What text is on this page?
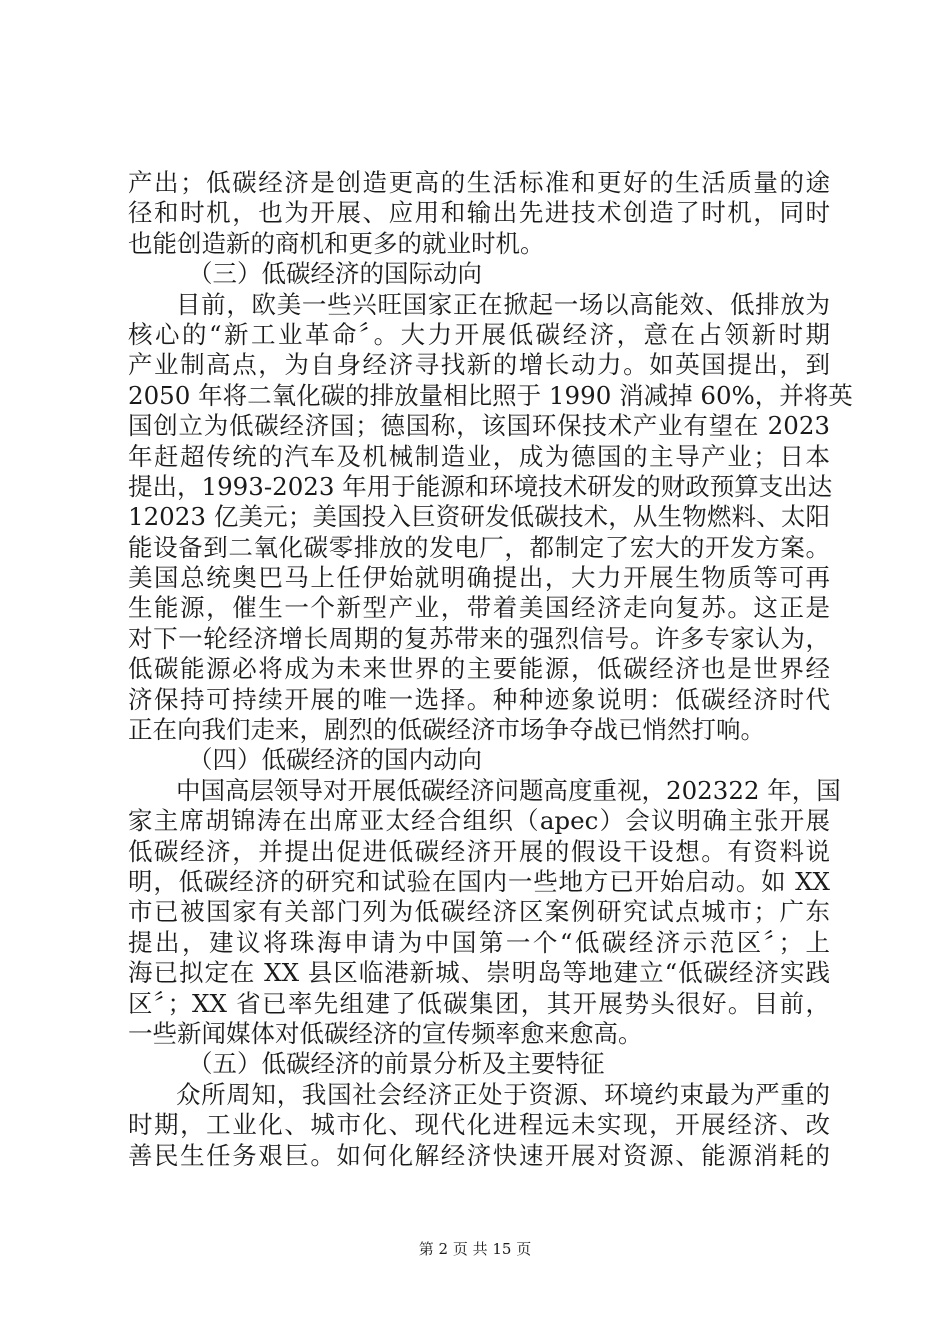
产出；低碳经济是创造更高的生活标准和更好的生活质量的途
径和时机，也为开展、应用和输出先进技术创造了时机，同时
也能创造新的商机和更多的就业时机。
（三）低碳经济的国际动向
目前，欧美一些兴旺国家正在掀起一场以高能效、低排放为
核心的“新工业革命〞。大力开展低碳经济，意在占领新时期
产业制高点，为自身经济寻找新的增长动力。如英国提出，到
2050 年将二氧化碳的排放量相比照于 1990 消减掉 60%，并将英
国创立为低碳经济国；德国称，该国环保技术产业有望在 2023
年赶超传统的汽车及机械制造业，成为德国的主导产业；日本
提出，1993-2023 年用于能源和环境技术研发的财政预算支出达
12023 亿美元；美国投入巨资研发低碳技术，从生物燃料、太阳
能设备到二氧化碳零排放的发电厂，都制定了宏大的开发方案。
美国总统奥巴马上任伊始就明确提出，大力开展生物质等可再
生能源，催生一个新型产业，带着美国经济走向复苏。这正是
对下一轮经济增长周期的复苏带来的强烈信号。许多专家认为，
低碳能源必将成为未来世界的主要能源，低碳经济也是世界经
济保持可持续开展的唯一选择。种种迹象说明：低碳经济时代
正在向我们走来，剧烈的低碳经济市场争夺战已悄然打响。
（四）低碳经济的国内动向
中国高层领导对开展低碳经济问题高度重视，202322 年，国
家主席胡锦涛在出席亚太经合组织（apec）会议明确主张开展
低碳经济，并提出促进低碳经济开展的假设干设想。有资料说
明，低碳经济的研究和试验在国内一些地方已开始启动。如 XX
市已被国家有关部门列为低碳经济区案例研究试点城市；广东
提出，建议将珠海申请为中国第一个“低碳经济示范区〞；上
海已拟定在 XX 县区临港新城、崇明岛等地建立“低碳经济实践
区〞；XX 省已率先组建了低碳集团，其开展势头很好。目前，
一些新闻媒体对低碳经济的宣传频率愈来愈高。
（五）低碳经济的前景分析及主要特征
众所周知，我国社会经济正处于资源、环境约束最为严重的
时期，工业化、城市化、现代化进程远未实现，开展经济、改
善民生任务艰巨。如何化解经济快速开展对资源、能源消耗的
第 2 页 共 15 页
